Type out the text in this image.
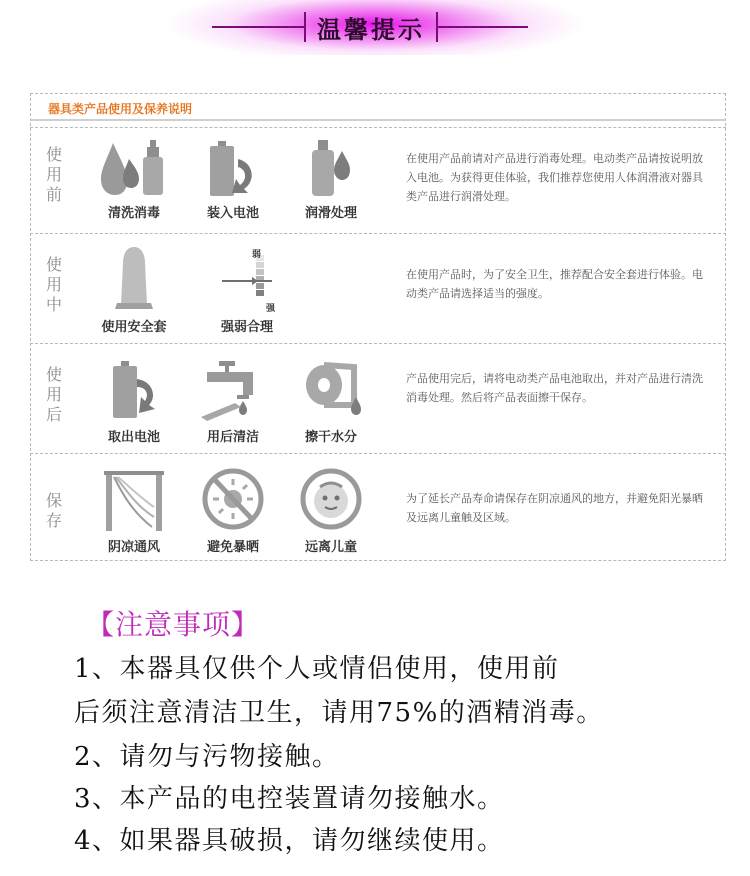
温馨提示
器具类产品使用及保养说明
使
用
前
清洗消毒	装入电池	润滑处理
在使用产品前请对产品进行消毒处理。电动类产品请按说明放入电池。为获得更佳体验，我们推荐您使用人体润滑液对器具类产品进行润滑处理。
使
用
中
使用安全套
弱
强
强弱合理
在使用产品时，为了安全卫生，推荐配合安全套进行体验。电动类产品请选择适当的强度。
使
用
后
取出电池	用后清洁	擦干水分
产品使用完后，请将电动类产品电池取出，并对产品进行清洗消毒处理。然后将产品表面擦干保存。
保
存
阴凉通风	避免暴晒	远离儿童
为了延长产品寿命请保存在阴凉通风的地方，并避免阳光暴晒及远离儿童触及区域。
【注意事项】
1、本器具仅供个人或情侣使用，使用前
后须注意清洁卫生，请用75%的酒精消毒。
2、请勿与污物接触。
3、本产品的电控装置请勿接触水。
4、如果器具破损，请勿继续使用。
